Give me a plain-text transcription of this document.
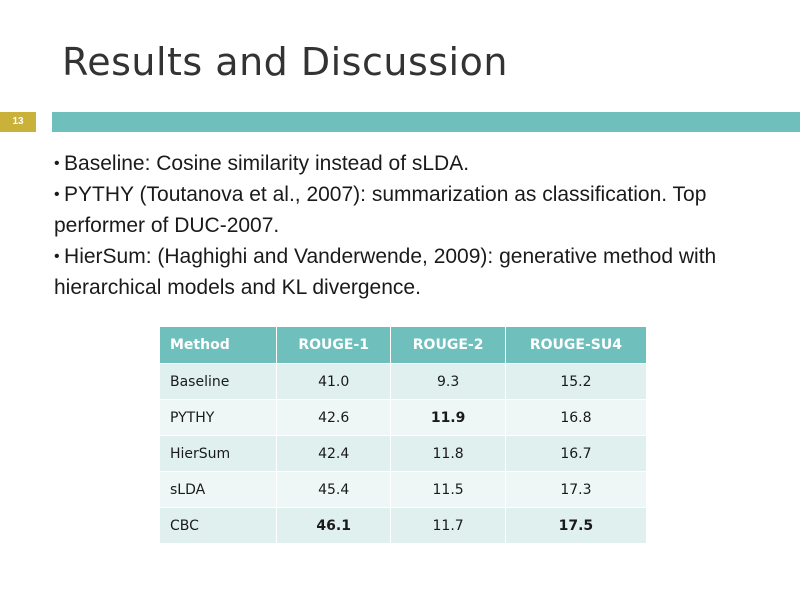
Results and Discussion
13

• Baseline: Cosine similarity instead of sLDA.

• PYTHY (Toutanova et al., 2007): summarization as classification. Top performer of DUC-2007.

• HierSum: (Haghighi and Vanderwende, 2009): generative method with hierarchical models and KL divergence.

Method	ROUGE-1	ROUGE-2	ROUGE-SU4
Baseline	41.0	9.3	15.2
PYTHY	42.6	11.9	16.8
HierSum	42.4	11.8	16.7
sLDA	45.4	11.5	17.3
CBC	46.1	11.7	17.5
